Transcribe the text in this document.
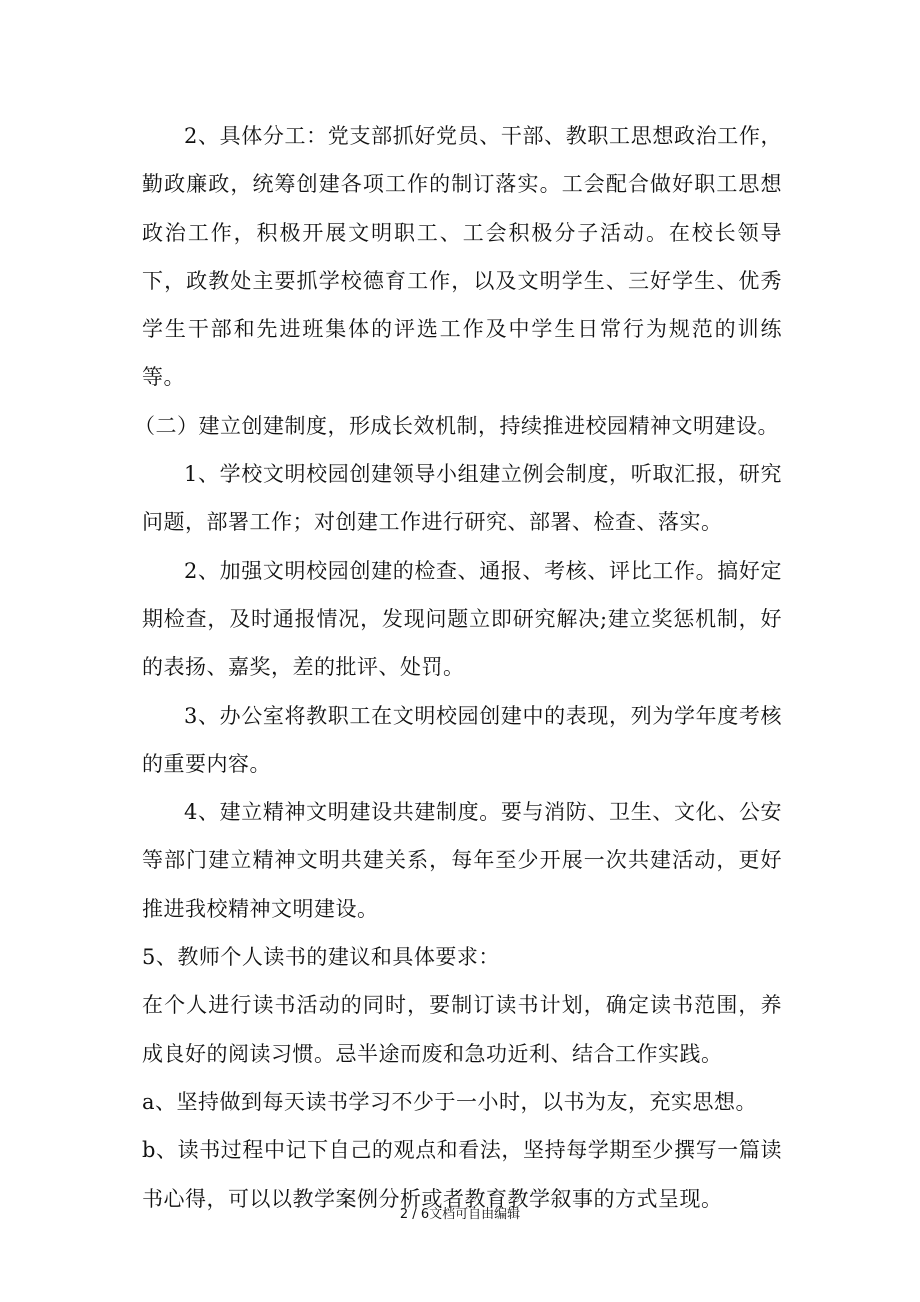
2、具体分工：党支部抓好党员、干部、教职工思想政治工作，勤政廉政，统筹创建各项工作的制订落实。工会配合做好职工思想政治工作，积极开展文明职工、工会积极分子活动。在校长领导下，政教处主要抓学校德育工作，以及文明学生、三好学生、优秀学生干部和先进班集体的评选工作及中学生日常行为规范的训练等。

（二）建立创建制度，形成长效机制，持续推进校园精神文明建设。

1、学校文明校园创建领导小组建立例会制度，听取汇报，研究问题，部署工作；对创建工作进行研究、部署、检查、落实。

2、加强文明校园创建的检查、通报、考核、评比工作。搞好定期检查，及时通报情况，发现问题立即研究解决;建立奖惩机制，好的表扬、嘉奖，差的批评、处罚。

3、办公室将教职工在文明校园创建中的表现，列为学年度考核的重要内容。

4、建立精神文明建设共建制度。要与消防、卫生、文化、公安等部门建立精神文明共建关系，每年至少开展一次共建活动，更好推进我校精神文明建设。

5、教师个人读书的建议和具体要求：

在个人进行读书活动的同时，要制订读书计划，确定读书范围，养成良好的阅读习惯。忌半途而废和急功近利、结合工作实践。

a、坚持做到每天读书学习不少于一小时，以书为友，充实思想。

b、读书过程中记下自己的观点和看法，坚持每学期至少撰写一篇读书心得，可以以教学案例分析或者教育教学叙事的方式呈现。

2 / 6文档可自由编辑
